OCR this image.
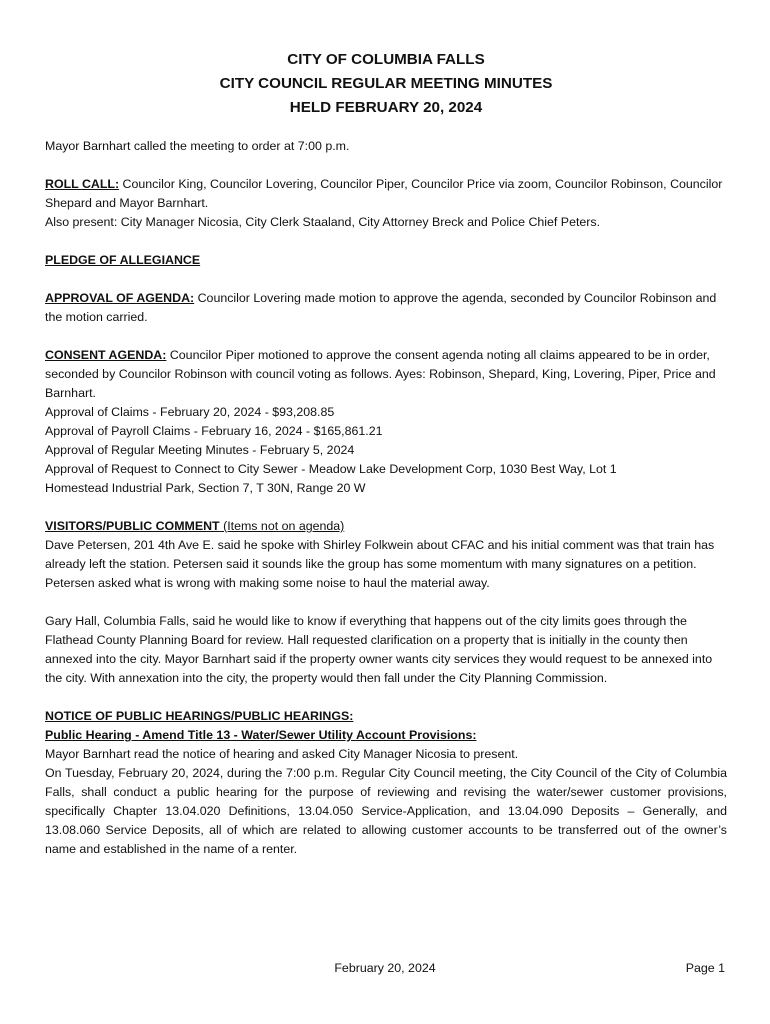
CITY OF COLUMBIA FALLS
CITY COUNCIL REGULAR MEETING MINUTES
HELD FEBRUARY 20, 2024

Mayor Barnhart called the meeting to order at 7:00 p.m.

ROLL CALL: Councilor King, Councilor Lovering, Councilor Piper, Councilor Price via zoom, Councilor Robinson, Councilor Shepard and Mayor Barnhart.
Also present: City Manager Nicosia, City Clerk Staaland, City Attorney Breck and Police Chief Peters.

PLEDGE OF ALLEGIANCE

APPROVAL OF AGENDA: Councilor Lovering made motion to approve the agenda, seconded by Councilor Robinson and the motion carried.

CONSENT AGENDA: Councilor Piper motioned to approve the consent agenda noting all claims appeared to be in order, seconded by Councilor Robinson with council voting as follows. Ayes: Robinson, Shepard, King, Lovering, Piper, Price and Barnhart.
Approval of Claims - February 20, 2024 - $93,208.85
Approval of Payroll Claims - February 16, 2024 - $165,861.21
Approval of Regular Meeting Minutes - February 5, 2024
Approval of Request to Connect to City Sewer - Meadow Lake Development Corp, 1030 Best Way, Lot 1
Homestead Industrial Park, Section 7, T 30N, Range 20 W

VISITORS/PUBLIC COMMENT (Items not on agenda)
Dave Petersen, 201 4th Ave E. said he spoke with Shirley Folkwein about CFAC and his initial comment was that train has already left the station. Petersen said it sounds like the group has some momentum with many signatures on a petition. Petersen asked what is wrong with making some noise to haul the material away.

Gary Hall, Columbia Falls, said he would like to know if everything that happens out of the city limits goes through the Flathead County Planning Board for review. Hall requested clarification on a property that is initially in the county then annexed into the city. Mayor Barnhart said if the property owner wants city services they would request to be annexed into the city. With annexation into the city, the property would then fall under the City Planning Commission.

NOTICE OF PUBLIC HEARINGS/PUBLIC HEARINGS:
Public Hearing - Amend Title 13 - Water/Sewer Utility Account Provisions:
Mayor Barnhart read the notice of hearing and asked City Manager Nicosia to present.
On Tuesday, February 20, 2024, during the 7:00 p.m. Regular City Council meeting, the City Council of the City of Columbia Falls, shall conduct a public hearing for the purpose of reviewing and revising the water/sewer customer provisions, specifically Chapter 13.04.020 Definitions, 13.04.050 Service-Application, and 13.04.090 Deposits – Generally, and 13.08.060 Service Deposits, all of which are related to allowing customer accounts to be transferred out of the owner’s name and established in the name of a renter.

February 20, 2024	Page 1
